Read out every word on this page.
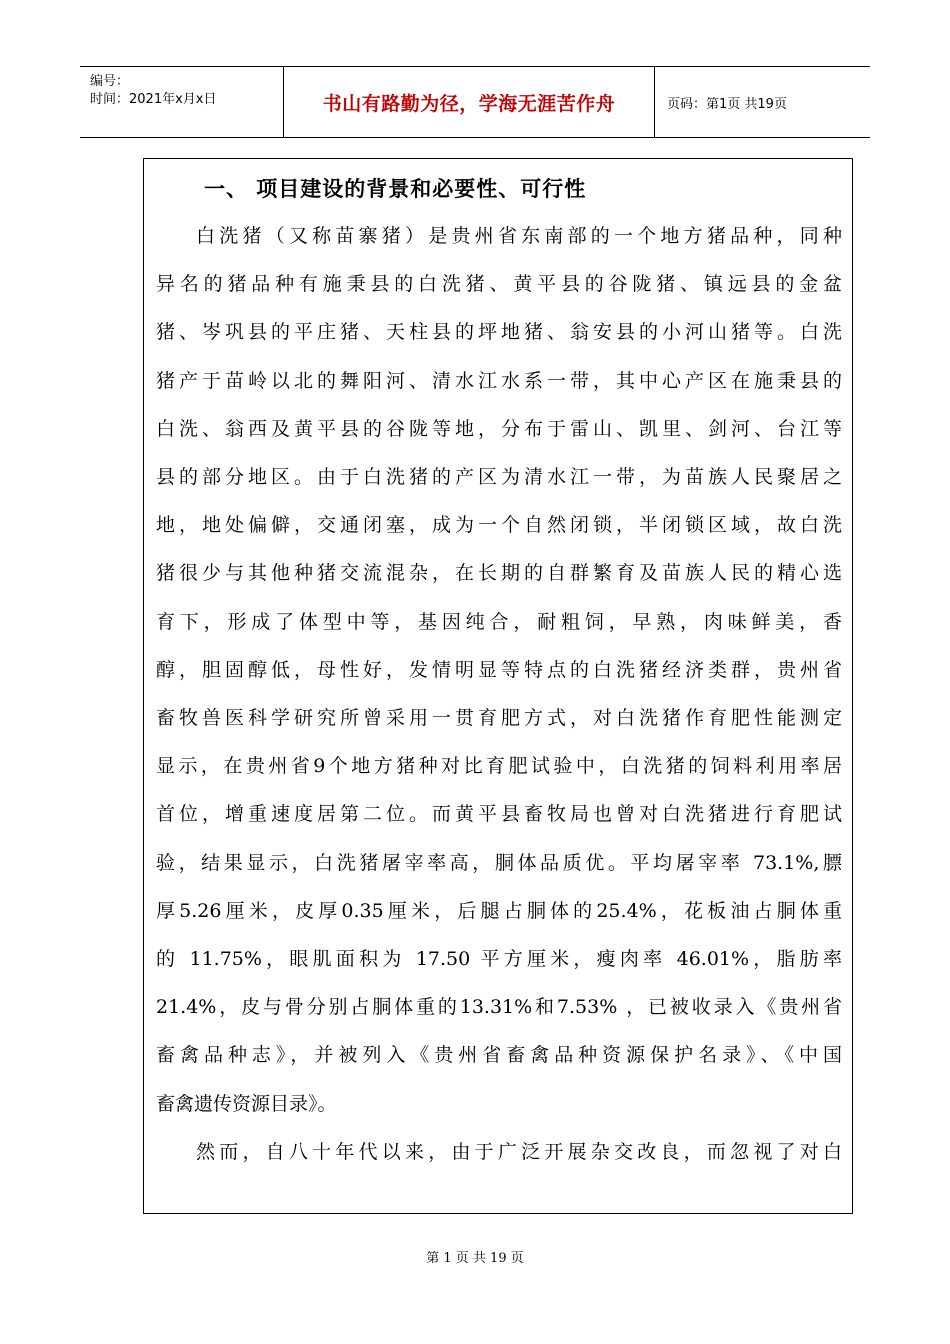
编号：
时间：2021年x月x日	书山有路勤为径，学海无涯苦作舟	页码：第1页 共19页
一、 项目建设的背景和必要性、可行性
白洗猪（又称苗寨猪）是贵州省东南部的一个地方猪品种，同种
异名的猪品种有施秉县的白洗猪、黄平县的谷陇猪、镇远县的金盆
猪、岑巩县的平庄猪、天柱县的坪地猪、翁安县的小河山猪等。白洗
猪产于苗岭以北的舞阳河、清水江水系一带，其中心产区在施秉县的
白洗、翁西及黄平县的谷陇等地，分布于雷山、凯里、剑河、台江等
县的部分地区。由于白洗猪的产区为清水江一带，为苗族人民聚居之
地，地处偏僻，交通闭塞，成为一个自然闭锁，半闭锁区域，故白洗
猪很少与其他种猪交流混杂，在长期的自群繁育及苗族人民的精心选
育下，形成了体型中等，基因纯合，耐粗饲，早熟，肉味鲜美，香
醇，胆固醇低，母性好，发情明显等特点的白洗猪经济类群，贵州省
畜牧兽医科学研究所曾采用一贯育肥方式，对白洗猪作育肥性能测定
显示，在贵州省9个地方猪种对比育肥试验中，白洗猪的饲料利用率居
首位，增重速度居第二位。而黄平县畜牧局也曾对白洗猪进行育肥试
验，结果显示，白洗猪屠宰率高，胴体品质优。平均屠宰率 73.1%,膘
厚5.26厘米，皮厚0.35厘米，后腿占胴体的25.4%，花板油占胴体重
的 11.75%，眼肌面积为 17.50 平方厘米，瘦肉率 46.01%，脂肪率
21.4%，皮与骨分别占胴体重的13.31%和7.53% ，已被收录入《贵州省
畜禽品种志》，并被列入《贵州省畜禽品种资源保护名录》、《中国
畜禽遗传资源目录》。
然而，自八十年代以来，由于广泛开展杂交改良，而忽视了对白
第 1 页 共 19 页
